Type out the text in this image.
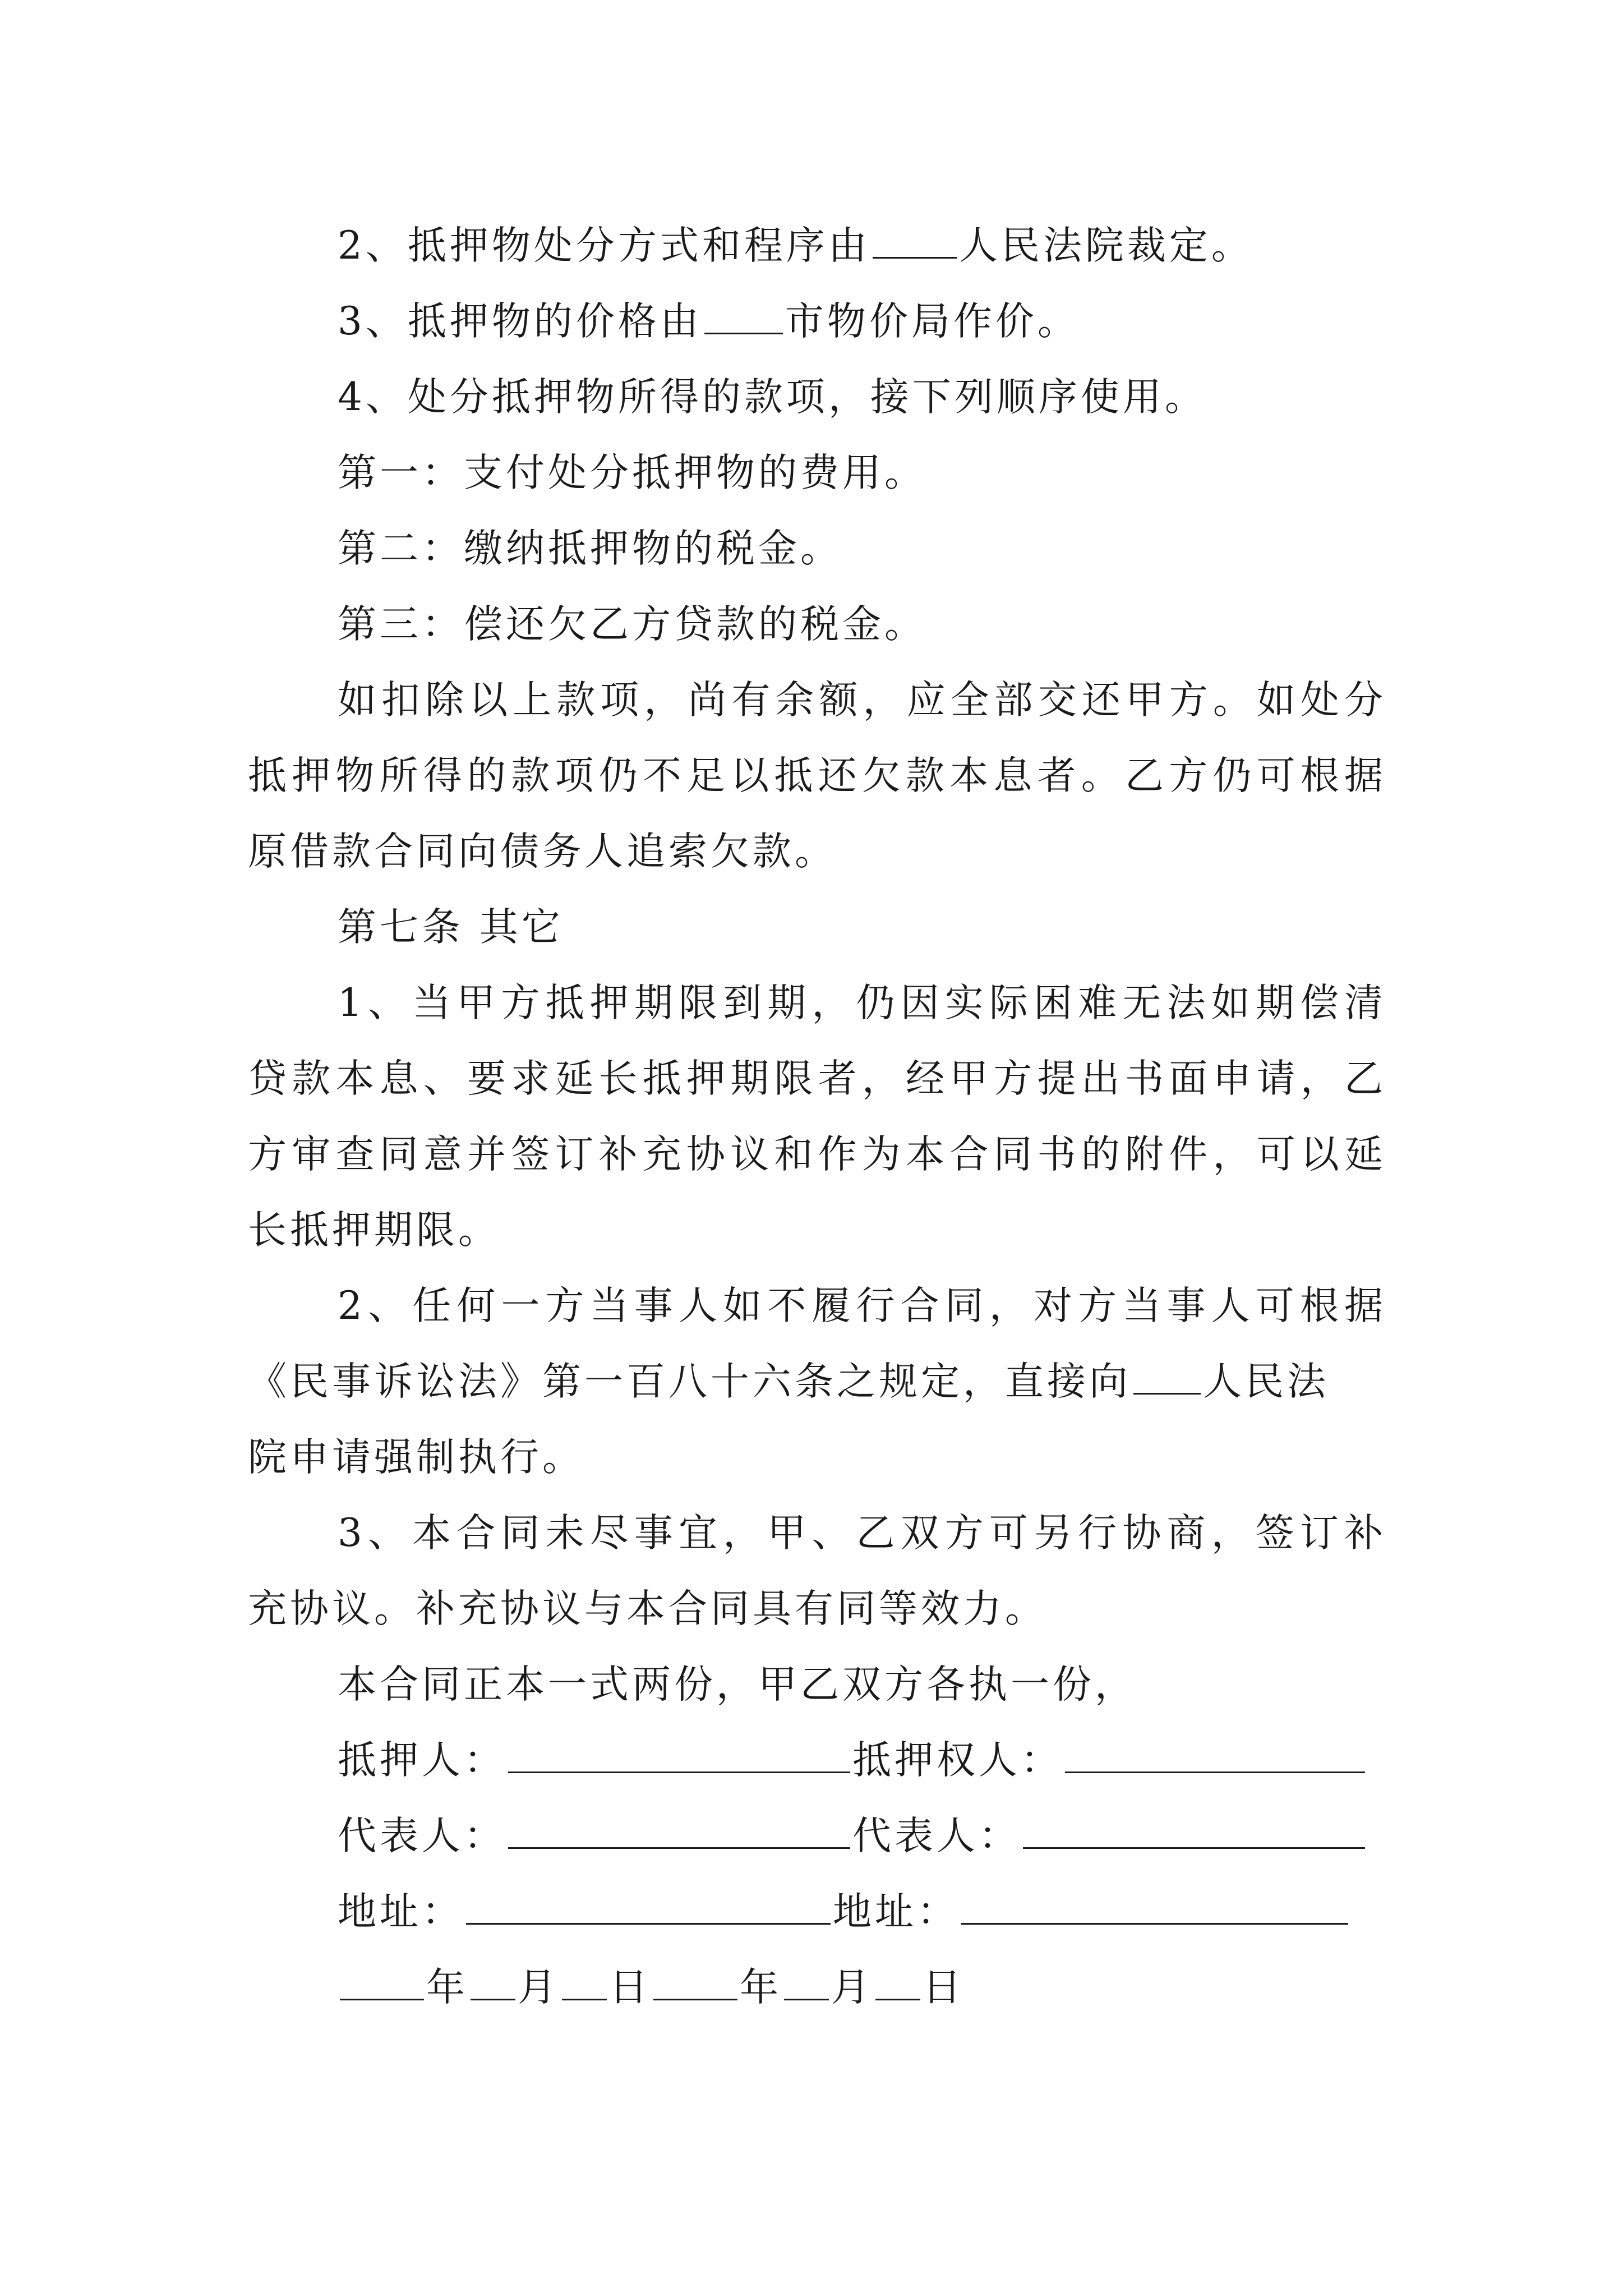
2、抵押物处分方式和程序由 人民法院裁定。
3、抵押物的价格由 市物价局作价。
4、处分抵押物所得的款项，接下列顺序使用。
第一：支付处分抵押物的费用。
第二：缴纳抵押物的税金。
第三：偿还欠乙方贷款的税金。
如扣除以上款项，尚有余额，应全部交还甲方。如处分
抵押物所得的款项仍不足以抵还欠款本息者。乙方仍可根据
原借款合同向债务人追索欠款。
第七条 其它
1、当甲方抵押期限到期，仍因实际困难无法如期偿清
贷款本息、要求延长抵押期限者，经甲方提出书面申请，乙
方审查同意并签订补充协议和作为本合同书的附件，可以延
长抵押期限。
2、任何一方当事人如不履行合同，对方当事人可根据
《民事诉讼法》第一百八十六条之规定，直接向 人民法
院申请强制执行。
3、本合同未尽事宜，甲、乙双方可另行协商，签订补
充协议。补充协议与本合同具有同等效力。
本合同正本一式两份，甲乙双方各执一份，
抵押人：	抵押权人：
代表人：	代表人：
地址：	地址：
年 月 日 年 月 日
